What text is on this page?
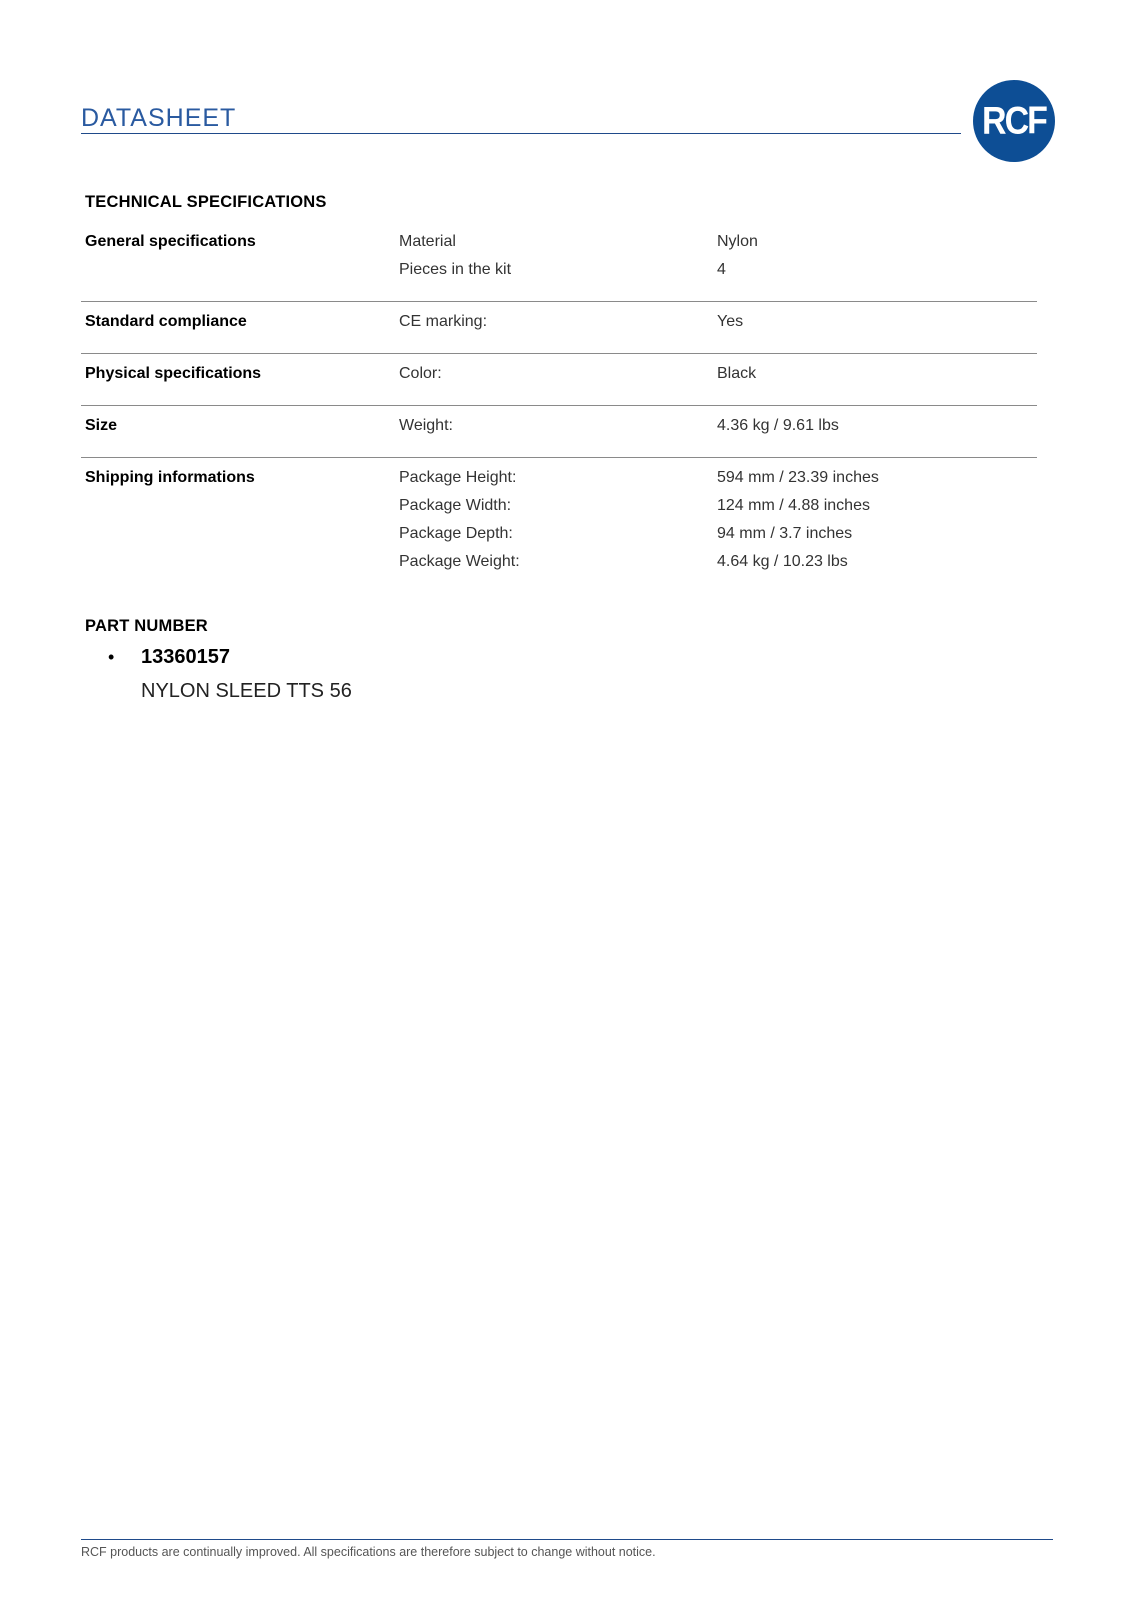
DATASHEET	RCF
TECHNICAL SPECIFICATIONS
General specifications	Material	Nylon
Pieces in the kit	4
Standard compliance	CE marking:	Yes
Physical specifications	Color:	Black
Size	Weight:	4.36 kg / 9.61 lbs
Shipping informations	Package Height:	594 mm / 23.39 inches
Package Width:	124 mm / 4.88 inches
Package Depth:	94 mm / 3.7 inches
Package Weight:	4.64 kg / 10.23 lbs
PART NUMBER
•	13360157
NYLON SLEED TTS 56
RCF products are continually improved. All specifications are therefore subject to change without notice.
